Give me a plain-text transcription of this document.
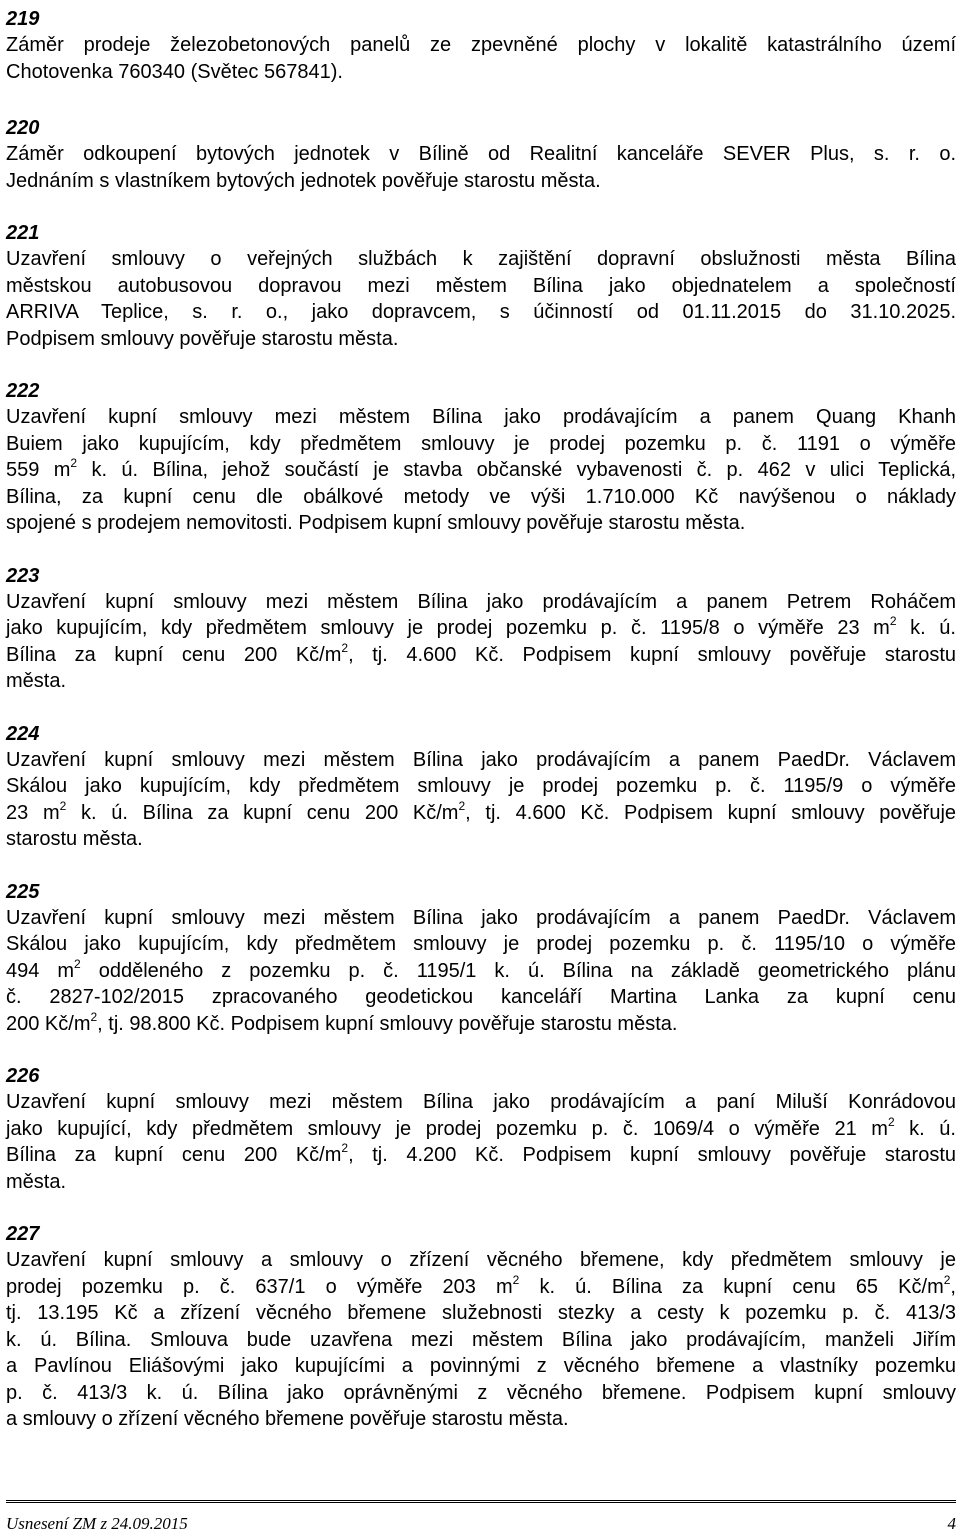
219
Záměr prodeje železobetonových panelů ze zpevněné plochy v lokalitě katastrálního území
Chotovenka 760340 (Světec 567841).
220
Záměr odkoupení bytových jednotek v Bílině od Realitní kanceláře SEVER Plus, s. r. o.
Jednáním s vlastníkem bytových jednotek pověřuje starostu města.
221
Uzavření smlouvy o veřejných službách k zajištění dopravní obslužnosti města Bílina
městskou autobusovou dopravou mezi městem Bílina jako objednatelem a společností
ARRIVA Teplice, s. r. o., jako dopravcem, s účinností od 01.11.2015 do 31.10.2025.
Podpisem smlouvy pověřuje starostu města.
222
Uzavření kupní smlouvy mezi městem Bílina jako prodávajícím a panem Quang Khanh
Buiem jako kupujícím, kdy předmětem smlouvy je prodej pozemku p. č. 1191 o výměře
559 $m^2$ k. ú. Bílina, jehož součástí je stavba občanské vybavenosti č. p. 462 v ulici Teplická,
Bílina, za kupní cenu dle obálkové metody ve výši 1.710.000 Kč navýšenou o náklady
spojené s prodejem nemovitosti. Podpisem kupní smlouvy pověřuje starostu města.
223
Uzavření kupní smlouvy mezi městem Bílina jako prodávajícím a panem Petrem Roháčem
jako kupujícím, kdy předmětem smlouvy je prodej pozemku p. č. 1195/8 o výměře 23 $m^2$ k. ú.
Bílina za kupní cenu 200 $Kč/m^2$, tj. 4.600 Kč. Podpisem kupní smlouvy pověřuje starostu
města.
224
Uzavření kupní smlouvy mezi městem Bílina jako prodávajícím a panem PaedDr. Václavem
Skálou jako kupujícím, kdy předmětem smlouvy je prodej pozemku p. č. 1195/9 o výměře
23 $m^2$ k. ú. Bílina za kupní cenu 200 $Kč/m^2$, tj. 4.600 Kč. Podpisem kupní smlouvy pověřuje
starostu města.
225
Uzavření kupní smlouvy mezi městem Bílina jako prodávajícím a panem PaedDr. Václavem
Skálou jako kupujícím, kdy předmětem smlouvy je prodej pozemku p. č. 1195/10 o výměře
494 $m^2$ odděleného z pozemku p. č. 1195/1 k. ú. Bílina na základě geometrického plánu
č. 2827-102/2015 zpracovaného geodetickou kanceláří Martina Lanka za kupní cenu
200 $Kč/m^2$, tj. 98.800 Kč. Podpisem kupní smlouvy pověřuje starostu města.
226
Uzavření kupní smlouvy mezi městem Bílina jako prodávajícím a paní Miluší Konrádovou
jako kupující, kdy předmětem smlouvy je prodej pozemku p. č. 1069/4 o výměře 21 $m^2$ k. ú.
Bílina za kupní cenu 200 $Kč/m^2$, tj. 4.200 Kč. Podpisem kupní smlouvy pověřuje starostu
města.
227
Uzavření kupní smlouvy a smlouvy o zřízení věcného břemene, kdy předmětem smlouvy je
prodej pozemku p. č. 637/1 o výměře 203 $m^2$ k. ú. Bílina za kupní cenu 65 $Kč/m^2$,
tj. 13.195 Kč a zřízení věcného břemene služebnosti stezky a cesty k pozemku p. č. 413/3
k. ú. Bílina. Smlouva bude uzavřena mezi městem Bílina jako prodávajícím, manželi Jiřím
a Pavlínou Eliášovými jako kupujícími a povinnými z věcného břemene a vlastníky pozemku
p. č. 413/3 k. ú. Bílina jako oprávněnými z věcného břemene. Podpisem kupní smlouvy
a smlouvy o zřízení věcného břemene pověřuje starostu města.
Usnesení ZM z 24.09.2015	4
